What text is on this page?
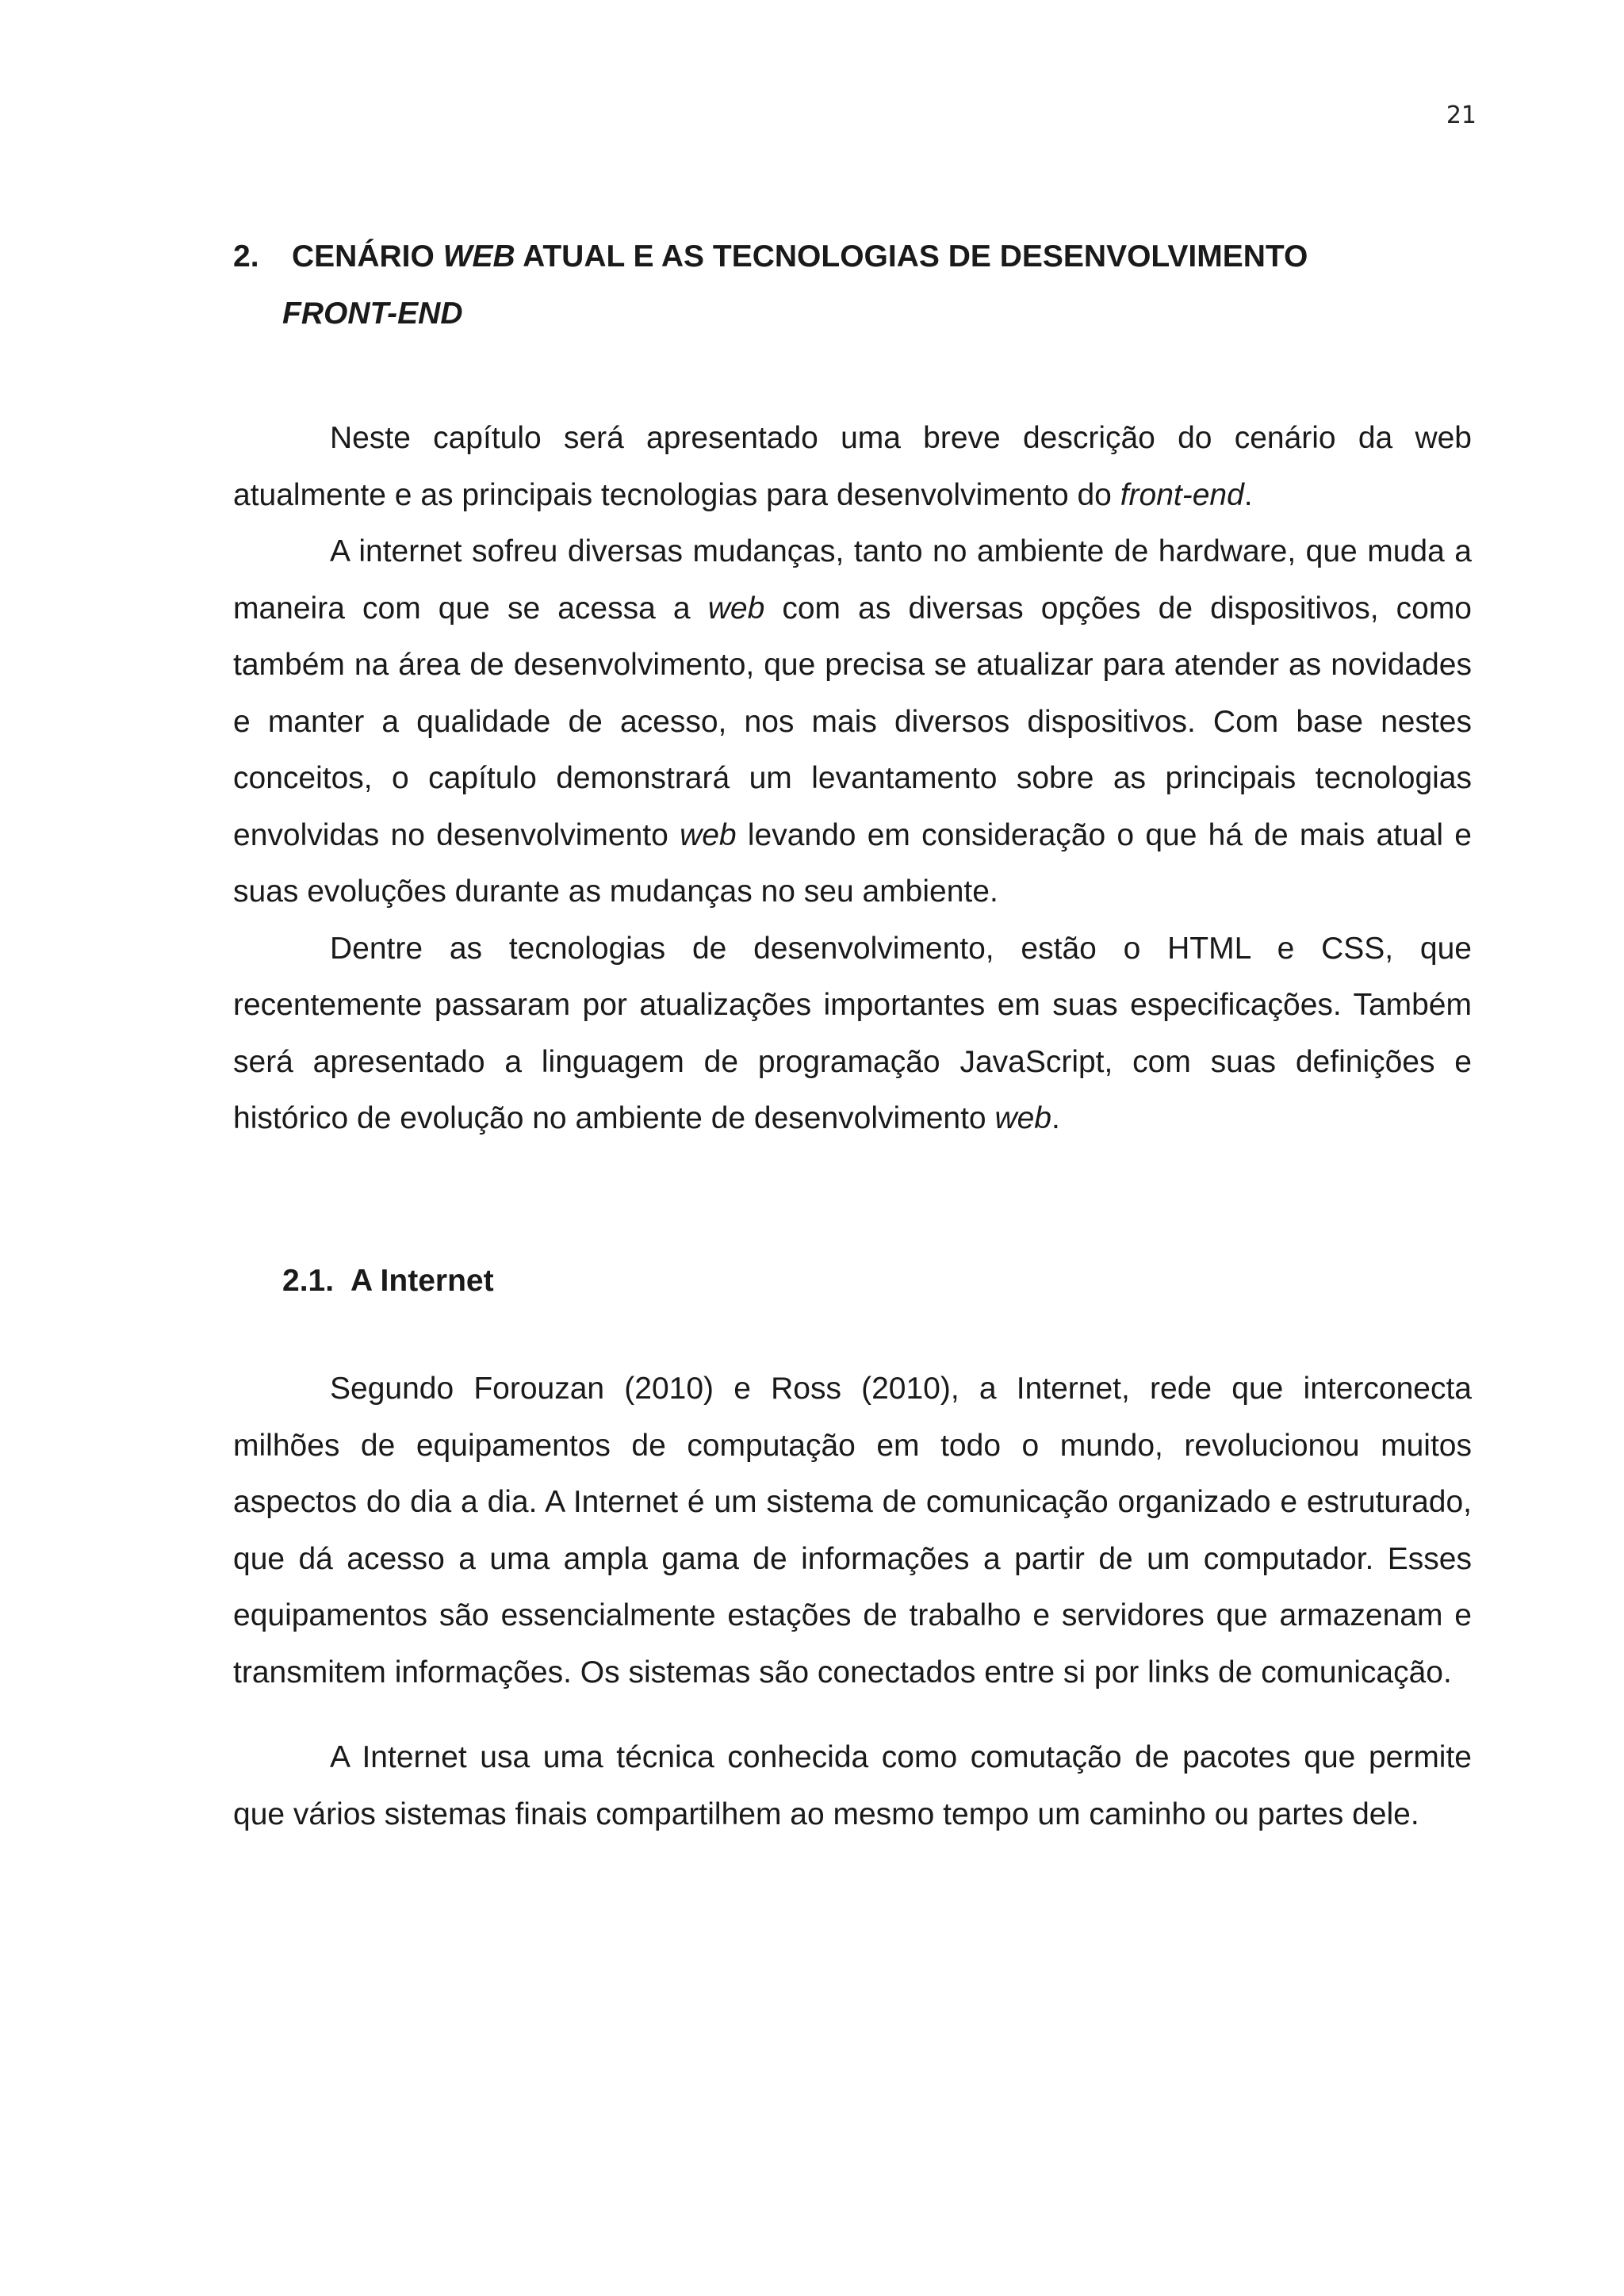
21
2. CENÁRIO WEB ATUAL E AS TECNOLOGIAS DE DESENVOLVIMENTO
FRONT-END

Neste capítulo será apresentado uma breve descrição do cenário da web atualmente e as principais tecnologias para desenvolvimento do front-end.

A internet sofreu diversas mudanças, tanto no ambiente de hardware, que muda a maneira com que se acessa a web com as diversas opções de dispositivos, como também na área de desenvolvimento, que precisa se atualizar para atender as novidades e manter a qualidade de acesso, nos mais diversos dispositivos. Com base nestes conceitos, o capítulo demonstrará um levantamento sobre as principais tecnologias envolvidas no desenvolvimento web levando em consideração o que há de mais atual e suas evoluções durante as mudanças no seu ambiente.

Dentre as tecnologias de desenvolvimento, estão o HTML e CSS, que recentemente passaram por atualizações importantes em suas especificações. Também será apresentado a linguagem de programação JavaScript, com suas definições e histórico de evolução no ambiente de desenvolvimento web.

2.1. A Internet

Segundo Forouzan (2010) e Ross (2010), a Internet, rede que interconecta milhões de equipamentos de computação em todo o mundo, revolucionou muitos aspectos do dia a dia. A Internet é um sistema de comunicação organizado e estruturado, que dá acesso a uma ampla gama de informações a partir de um computador. Esses equipamentos são essencialmente estações de trabalho e servidores que armazenam e transmitem informações. Os sistemas são conectados entre si por links de comunicação.

A Internet usa uma técnica conhecida como comutação de pacotes que permite que vários sistemas finais compartilhem ao mesmo tempo um caminho ou partes dele.
